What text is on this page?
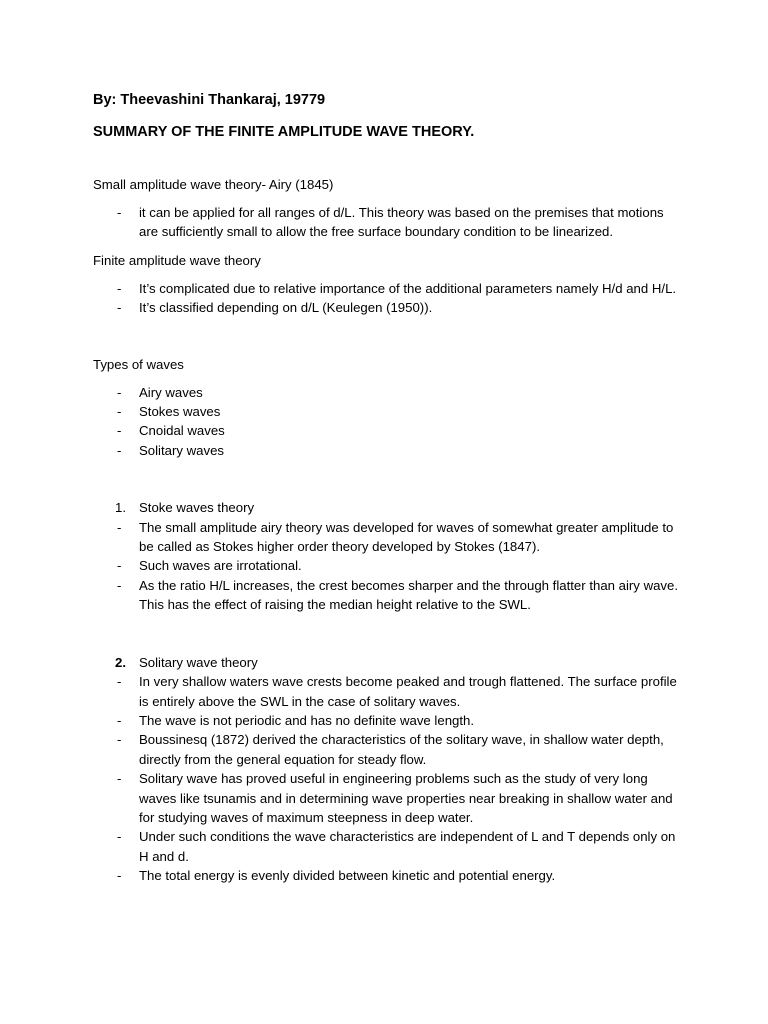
By: Theevashini Thankaraj, 19779

SUMMARY OF THE FINITE AMPLITUDE WAVE THEORY.

Small amplitude wave theory- Airy (1845)

- it can be applied for all ranges of d/L. This theory was based on the premises that motions are sufficiently small to allow the free surface boundary condition to be linearized.

Finite amplitude wave theory

- It’s complicated due to relative importance of the additional parameters namely H/d and H/L.
- It’s classified depending on d/L (Keulegen (1950)).

Types of waves

- Airy waves
- Stokes waves
- Cnoidal waves
- Solitary waves
1. Stoke waves theory
- The small amplitude airy theory was developed for waves of somewhat greater amplitude to be called as Stokes higher order theory developed by Stokes (1847).
- Such waves are irrotational.
- As the ratio H/L increases, the crest becomes sharper and the through flatter than airy wave. This has the effect of raising the median height relative to the SWL.
2. Solitary wave theory
- In very shallow waters wave crests become peaked and trough flattened. The surface profile is entirely above the SWL in the case of solitary waves.
- The wave is not periodic and has no definite wave length.
- Boussinesq (1872) derived the characteristics of the solitary wave, in shallow water depth, directly from the general equation for steady flow.
- Solitary wave has proved useful in engineering problems such as the study of very long waves like tsunamis and in determining wave properties near breaking in shallow water and for studying waves of maximum steepness in deep water.
- Under such conditions the wave characteristics are independent of L and T depends only on H and d.
- The total energy is evenly divided between kinetic and potential energy.
